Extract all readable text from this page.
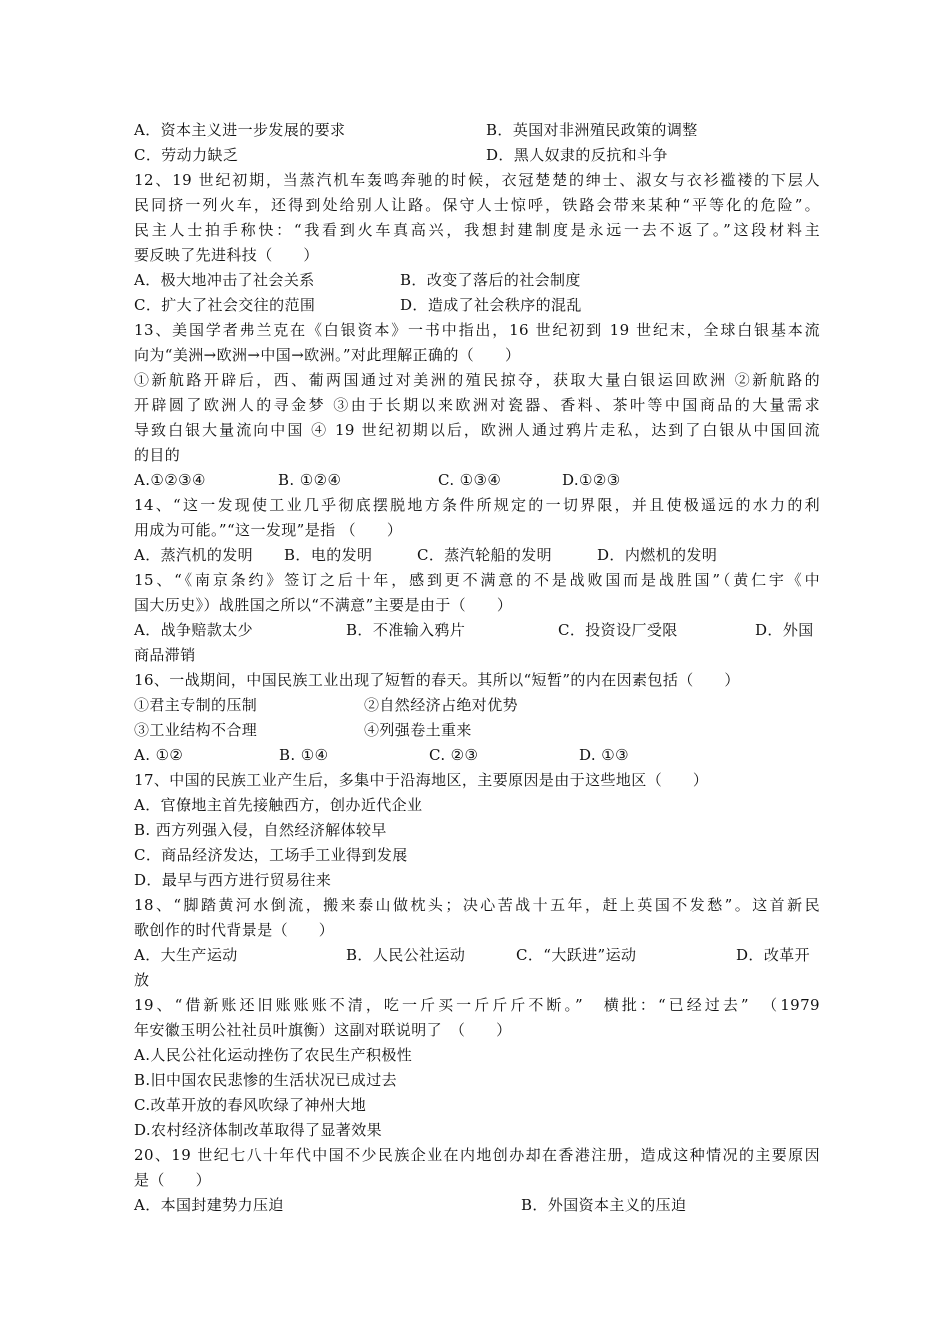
A．资本主义进一步发展的要求	B．英国对非洲殖民政策的调整
C．劳动力缺乏	D．黑人奴隶的反抗和斗争
12、19 世纪初期，当蒸汽机车轰鸣奔驰的时候，衣冠楚楚的绅士、淑女与衣衫褴褛的下层人
民同挤一列火车，还得到处给别人让路。保守人士惊呼，铁路会带来某种“平等化的危险”。
民主人士拍手称快：“我看到火车真高兴，我想封建制度是永远一去不返了。”这段材料主
要反映了先进科技（　　）
A．极大地冲击了社会关系	B．改变了落后的社会制度
C．扩大了社会交往的范围	D．造成了社会秩序的混乱
13、美国学者弗兰克在《白银资本》一书中指出，16 世纪初到 19 世纪末，全球白银基本流
向为“美洲→欧洲→中国→欧洲。”对此理解正确的（　　）
①新航路开辟后，西、葡两国通过对美洲的殖民掠夺，获取大量白银运回欧洲 ②新航路的
开辟圆了欧洲人的寻金梦 ③由于长期以来欧洲对瓷器、香料、茶叶等中国商品的大量需求
导致白银大量流向中国 ④ 19 世纪初期以后，欧洲人通过鸦片走私，达到了白银从中国回流
的目的
A.①②③④	B. ①②④	C. ①③④	D.①②③
14、“这一发现使工业几乎彻底摆脱地方条件所规定的一切界限，并且使极遥远的水力的利
用成为可能。”“这一发现”是指 （　　）
A．蒸汽机的发明	B．电的发明	C．蒸汽轮船的发明	D．内燃机的发明
15、“《南京条约》签订之后十年，感到更不满意的不是战败国而是战胜国”（黄仁宇《中
国大历史》）战胜国之所以“不满意”主要是由于（　　）
A．战争赔款太少	B．不准输入鸦片	C．投资设厂受限	D．外国
商品滞销
16、一战期间，中国民族工业出现了短暂的春天。其所以“短暂”的内在因素包括（　　）
①君主专制的压制	②自然经济占绝对优势
③工业结构不合理	④列强卷土重来
A. ①②	B. ①④	C. ②③	D. ①③
17、中国的民族工业产生后，多集中于沿海地区，主要原因是由于这些地区（　　）
A．官僚地主首先接触西方，创办近代企业
B. 西方列强入侵，自然经济解体较早
C．商品经济发达，工场手工业得到发展
D．最早与西方进行贸易往来
18、“脚踏黄河水倒流，搬来泰山做枕头；决心苦战十五年，赶上英国不发愁”。这首新民
歌创作的时代背景是（　　）
A．大生产运动	B．人民公社运动	C．“大跃进”运动	D．改革开
放
19、“借新账还旧账账账不清，吃一斤买一斤斤斤不断。”　横批：“已经过去”　（1979
年安徽玉明公社社员叶旗衡）这副对联说明了　（　　）
A.人民公社化运动挫伤了农民生产积极性
B.旧中国农民悲惨的生活状况已成过去
C.改革开放的春风吹绿了神州大地
D.农村经济体制改革取得了显著效果
20、19 世纪七八十年代中国不少民族企业在内地创办却在香港注册，造成这种情况的主要原因
是（　　）
A．本国封建势力压迫	B．外国资本主义的压迫
